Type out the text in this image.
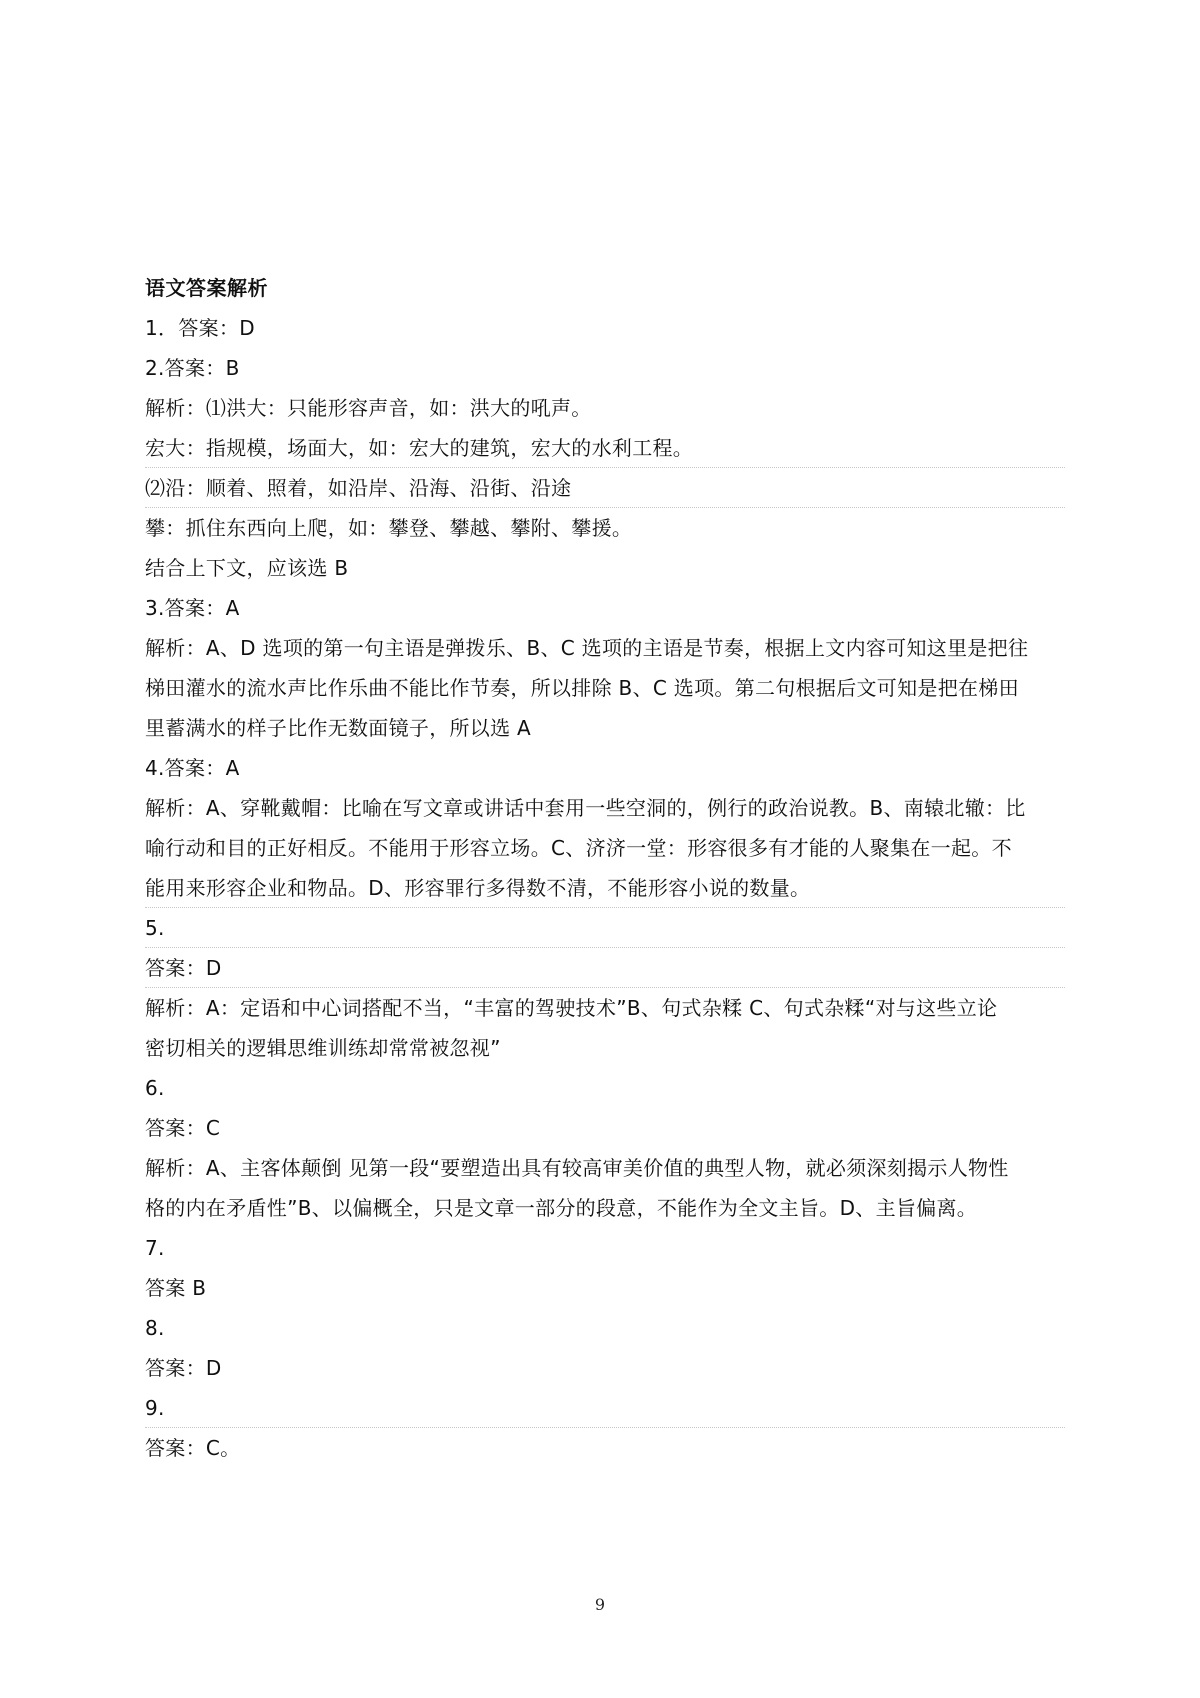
语文答案解析
1．答案：D
2.答案：B
解析：⑴洪大：只能形容声音，如：洪大的吼声。
宏大：指规模，场面大，如：宏大的建筑，宏大的水利工程。
⑵沿：顺着、照着，如沿岸、沿海、沿街、沿途
攀：抓住东西向上爬，如：攀登、攀越、攀附、攀援。
结合上下文，应该选 B
3.答案：A
解析：A、D 选项的第一句主语是弹拨乐、B、C 选项的主语是节奏，根据上文内容可知这里是把往
梯田灌水的流水声比作乐曲不能比作节奏，所以排除 B、C 选项。第二句根据后文可知是把在梯田
里蓄满水的样子比作无数面镜子，所以选 A
4.答案：A
解析：A、穿靴戴帽：比喻在写文章或讲话中套用一些空洞的，例行的政治说教。B、南辕北辙：比
喻行动和目的正好相反。不能用于形容立场。C、济济一堂：形容很多有才能的人聚集在一起。不
能用来形容企业和物品。D、形容罪行多得数不清，不能形容小说的数量。
5.
答案：D
解析：A：定语和中心词搭配不当，“丰富的驾驶技术”B、句式杂糅 C、句式杂糅“对与这些立论
密切相关的逻辑思维训练却常常被忽视”
6.
答案：C
解析：A、主客体颠倒 见第一段“要塑造出具有较高审美价值的典型人物，就必须深刻揭示人物性
格的内在矛盾性”B、以偏概全，只是文章一部分的段意，不能作为全文主旨。D、主旨偏离。
7.
答案 B
8.
答案：D
9.
答案：C。
9
